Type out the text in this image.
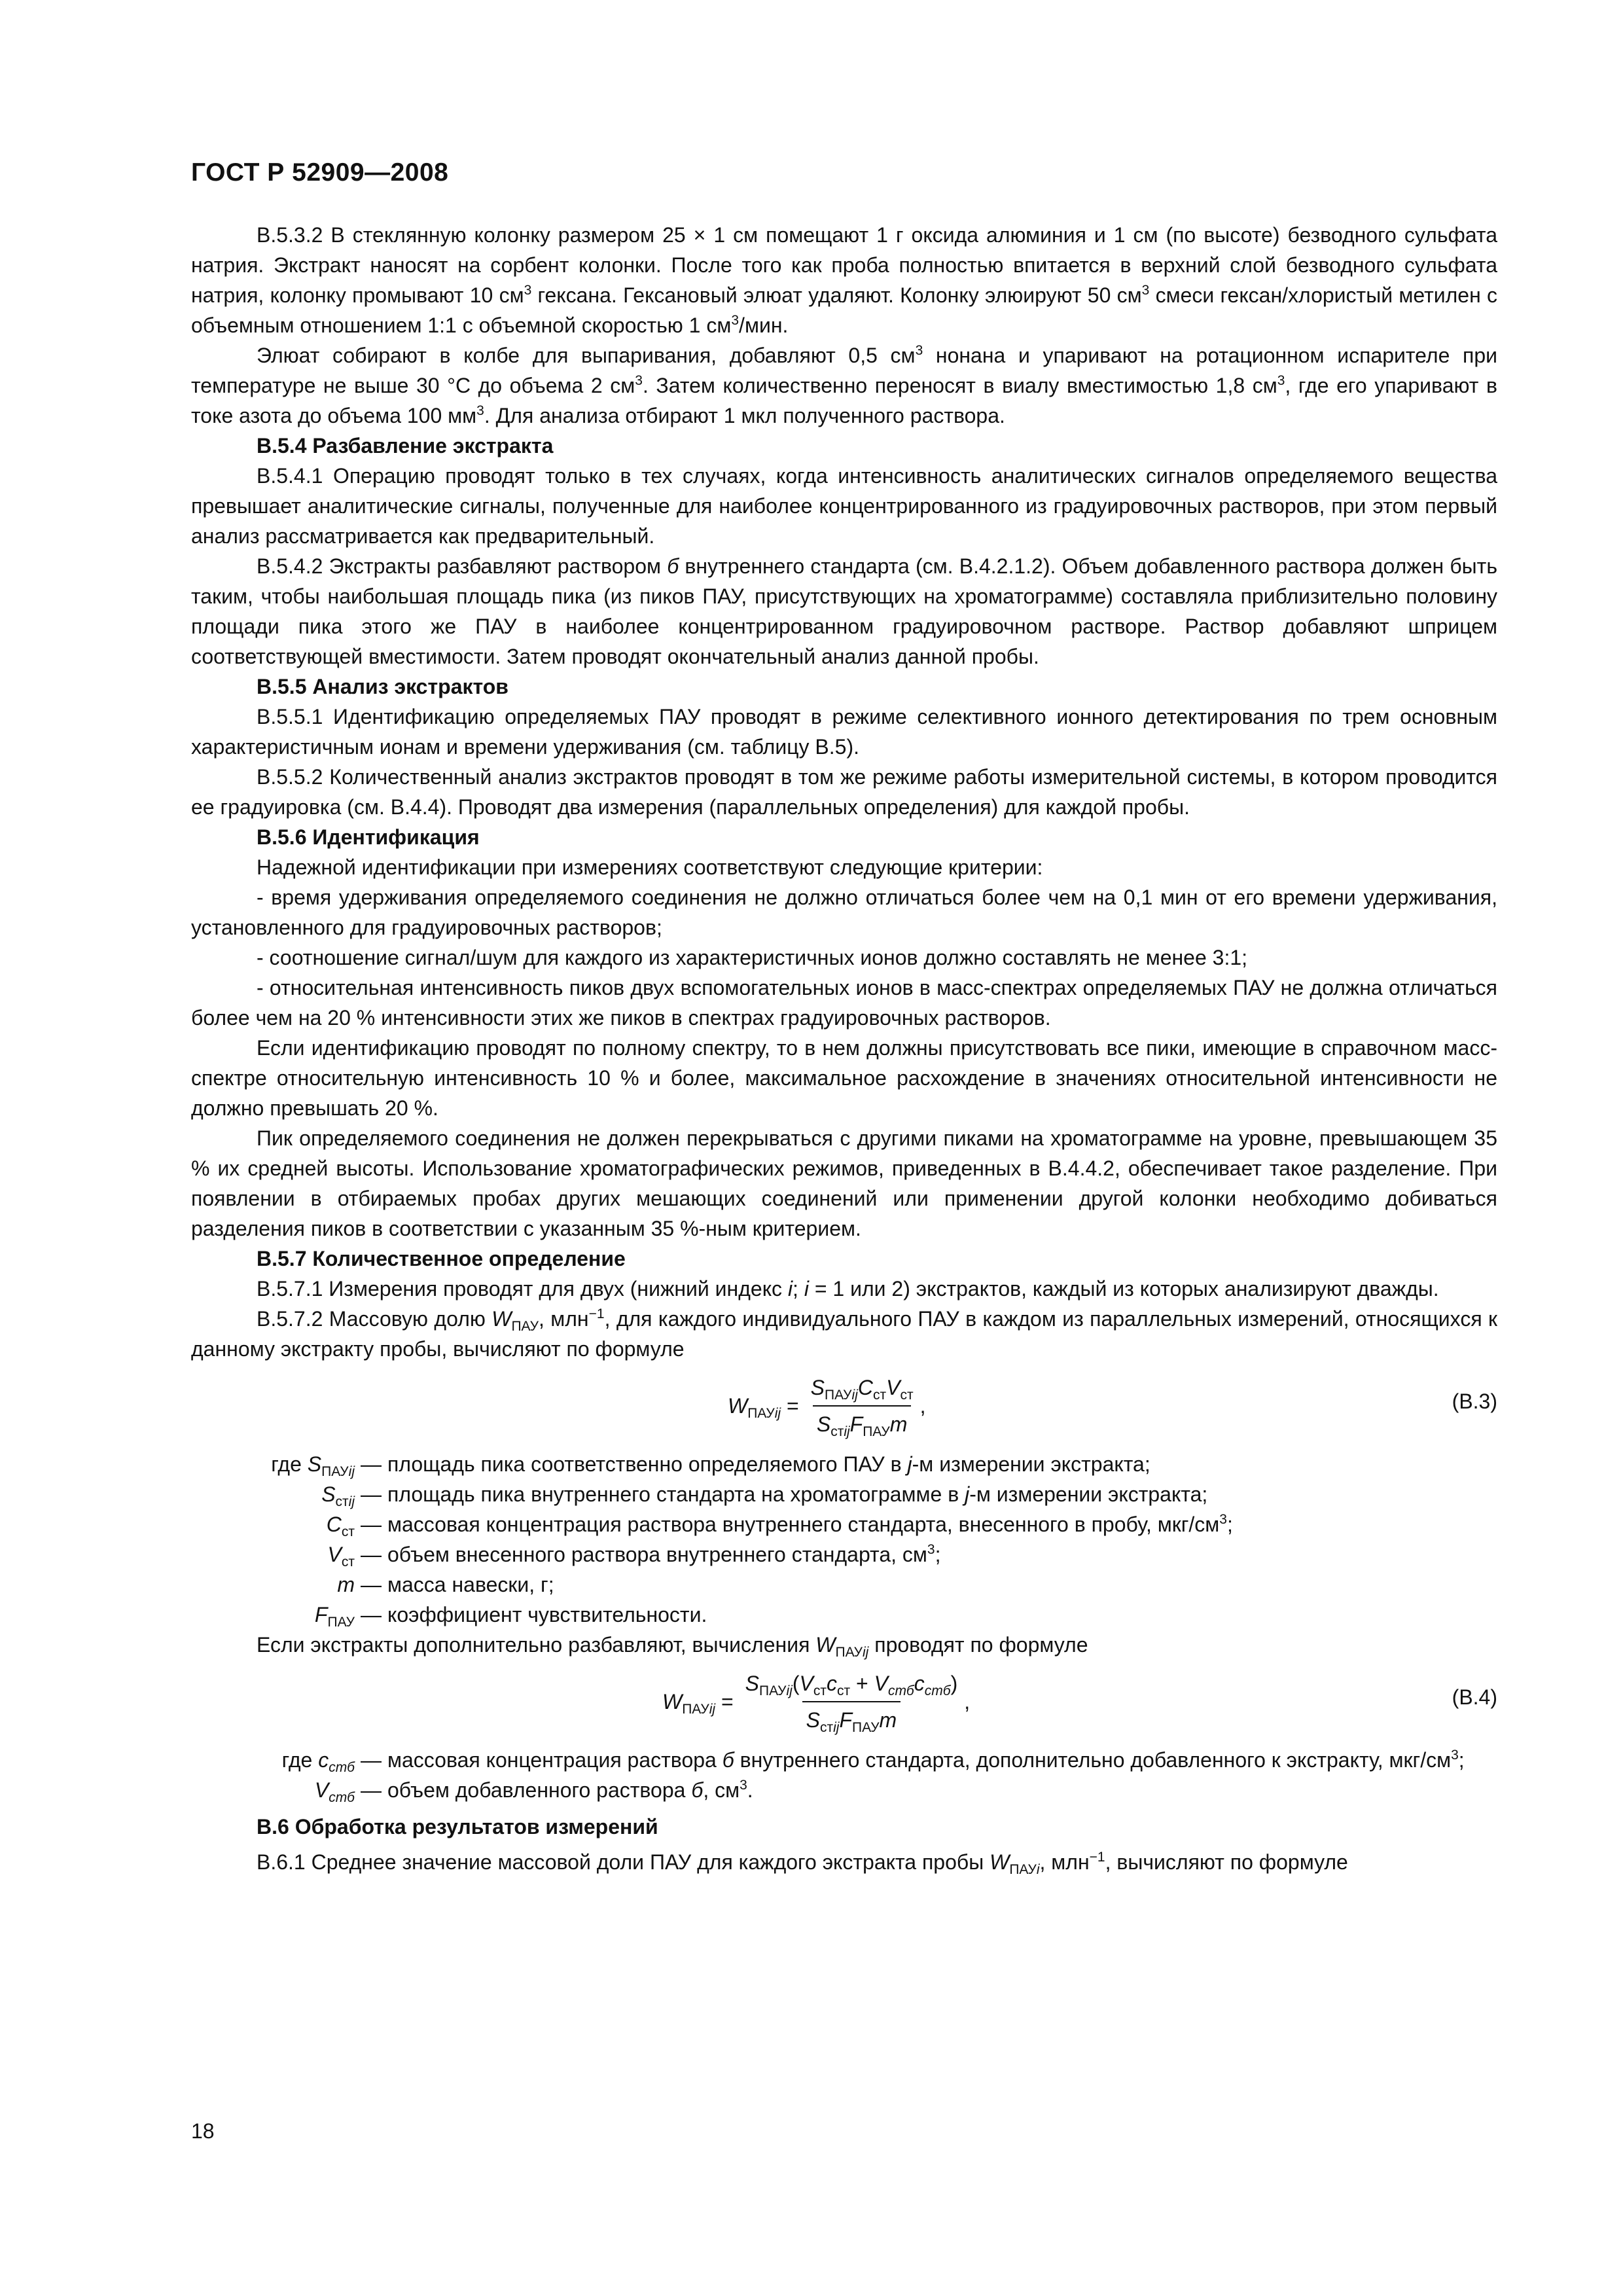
ГОСТ Р 52909—2008

В.5.3.2 В стеклянную колонку размером 25 × 1 см помещают 1 г оксида алюминия и 1 см (по высоте) безводного сульфата натрия. Экстракт наносят на сорбент колонки. После того как проба полностью впитается в верхний слой безводного сульфата натрия, колонку промывают 10 $см^3$ гексана. Гексановый элюат удаляют. Колонку элюируют 50 $см^3$ смеси гексан/хлористый метилен с объемным отношением 1:1 с объемной скоростью 1 $см^3$/мин.

Элюат собирают в колбе для выпаривания, добавляют 0,5 $см^3$ нонана и упаривают на ротационном испарителе при температуре не выше 30 °С до объема 2 $см^3$. Затем количественно переносят в виалу вместимостью 1,8 $см^3$, где его упаривают в токе азота до объема 100 $мм^3$. Для анализа отбирают 1 мкл полученного раствора.

В.5.4 Разбавление экстракта

В.5.4.1 Операцию проводят только в тех случаях, когда интенсивность аналитических сигналов определяемого вещества превышает аналитические сигналы, полученные для наиболее концентрированного из градуировочных растворов, при этом первый анализ рассматривается как предварительный.

В.5.4.2 Экстракты разбавляют раствором б внутреннего стандарта (см. В.4.2.1.2). Объем добавленного раствора должен быть таким, чтобы наибольшая площадь пика (из пиков ПАУ, присутствующих на хроматограмме) составляла приблизительно половину площади пика этого же ПАУ в наиболее концентрированном градуировочном растворе. Раствор добавляют шприцем соответствующей вместимости. Затем проводят окончательный анализ данной пробы.

В.5.5 Анализ экстрактов

В.5.5.1 Идентификацию определяемых ПАУ проводят в режиме селективного ионного детектирования по трем основным характеристичным ионам и времени удерживания (см. таблицу В.5).

В.5.5.2 Количественный анализ экстрактов проводят в том же режиме работы измерительной системы, в котором проводится ее градуировка (см. В.4.4). Проводят два измерения (параллельных определения) для каждой пробы.

В.5.6 Идентификация

Надежной идентификации при измерениях соответствуют следующие критерии:

- время удерживания определяемого соединения не должно отличаться более чем на 0,1 мин от его времени удерживания, установленного для градуировочных растворов;

- соотношение сигнал/шум для каждого из характеристичных ионов должно составлять не менее 3:1;

- относительная интенсивность пиков двух вспомогательных ионов в масс-спектрах определяемых ПАУ не должна отличаться более чем на 20 % интенсивности этих же пиков в спектрах градуировочных растворов.

Если идентификацию проводят по полному спектру, то в нем должны присутствовать все пики, имеющие в справочном масс-спектре относительную интенсивность 10 % и более, максимальное расхождение в значениях относительной интенсивности не должно превышать 20 %.

Пик определяемого соединения не должен перекрываться с другими пиками на хроматограмме на уровне, превышающем 35 % их средней высоты. Использование хроматографических режимов, приведенных в В.4.4.2, обеспечивает такое разделение. При появлении в отбираемых пробах других мешающих соединений или применении другой колонки необходимо добиваться разделения пиков в соответствии с указанным 35 %-ным критерием.

В.5.7 Количественное определение

В.5.7.1 Измерения проводят для двух (нижний индекс i; i = 1 или 2) экстрактов, каждый из которых анализируют дважды.

В.5.7.2 Массовую долю $W_{ПАУ}$, млн$^{-1}$, для каждого индивидуального ПАУ в каждом из параллельных измерений, относящихся к данному экстракту пробы, вычисляют по формуле

$W_{ПАУij} = \frac{S_{ПАУij}C_{ст}V_{ст}}{S_{стij}F_{ПАУ}m}$ ,	(В.3)
где $S_{ПАУij}$ — площадь пика соответственно определяемого ПАУ в j-м измерении экстракта;
$S_{стij}$ — площадь пика внутреннего стандарта на хроматограмме в j-м измерении экстракта;
$C_{ст}$ — массовая концентрация раствора внутреннего стандарта, внесенного в пробу, мкг/$см^3$;
$V_{ст}$ — объем внесенного раствора внутреннего стандарта, $см^3$;
m — масса навески, г;
$F_{ПАУ}$ — коэффициент чувствительности.

Если экстракты дополнительно разбавляют, вычисления $W_{ПАУij}$ проводят по формуле

$W_{ПАУij} = \frac{S_{ПАУij}(V_{ст}c_{ст} + V_{стб}c_{стб})}{S_{стij}F_{ПАУ}m}$ ,	(В.4)
где $c_{стб}$ — массовая концентрация раствора б внутреннего стандарта, дополнительно добавленного к экстракту, мкг/$см^3$;
$V_{стб}$ — объем добавленного раствора б, $см^3$.

В.6 Обработка результатов измерений

В.6.1 Среднее значение массовой доли ПАУ для каждого экстракта пробы $W_{ПАУi}$, млн$^{-1}$, вычисляют по формуле

18
